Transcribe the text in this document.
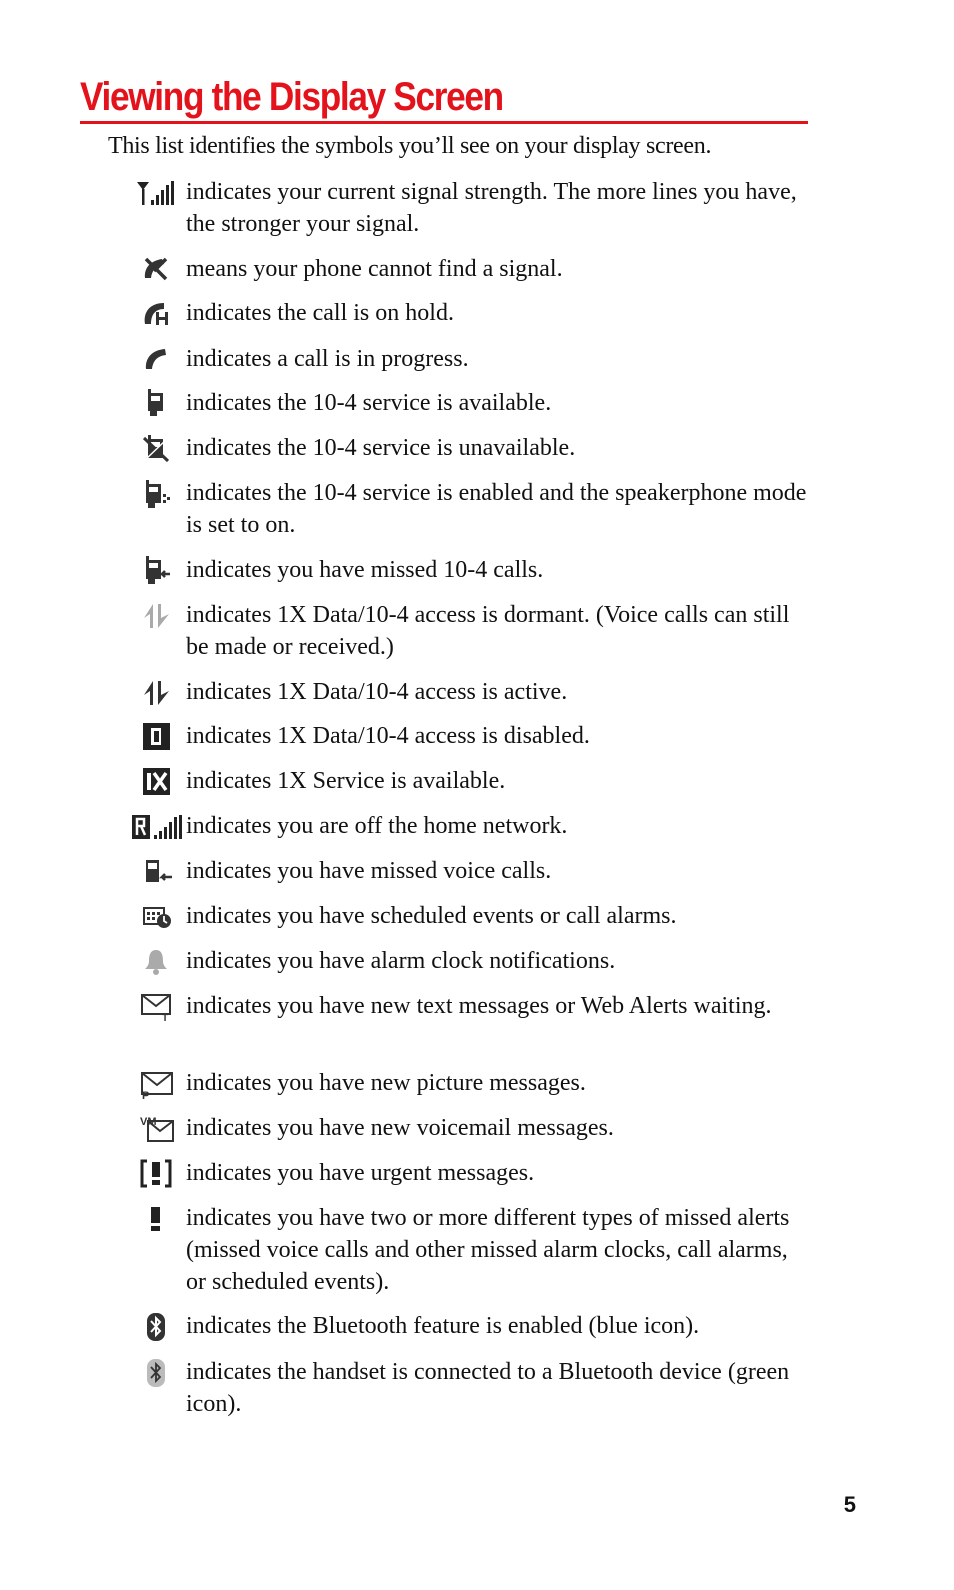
Viewing the Display Screen
This list identifies the symbols you’ll see on your display screen.
indicates your current signal strength. The more lines you have, the stronger your signal.
means your phone cannot find a signal.
indicates the call is on hold.
indicates a call is in progress.
indicates the 10-4 service is available.
indicates the 10-4 service is unavailable.
indicates the 10-4 service is enabled and the speakerphone mode is set to on.
indicates you have missed 10-4 calls.
indicates 1X Data/10-4 access is dormant. (Voice calls can still be made or received.)
indicates 1X Data/10-4 access is active.
indicates 1X Data/10-4 access is disabled.
indicates 1X Service is available.
indicates you are off the home network.
indicates you have missed voice calls.
indicates you have scheduled events or call alarms.
indicates you have alarm clock notifications.
T indicates you have new text messages or Web Alerts waiting.
P indicates you have new picture messages.
VM indicates you have new voicemail messages.
indicates you have urgent messages.
indicates you have two or more different types of missed alerts (missed voice calls and other missed alarm clocks, call alarms, or scheduled events).
indicates the Bluetooth feature is enabled (blue icon).
indicates the handset is connected to a Bluetooth device (green icon).
5
